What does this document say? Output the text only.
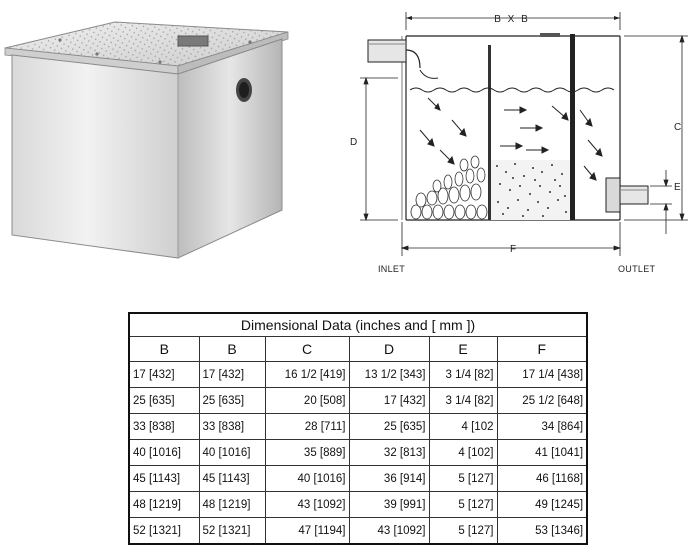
B X B
D
C
E
F
INLET	OUTLET
Dimensional Data (inches and [ mm ])					
B	B	C	D	E	F
17 [432]	17 [432]	16 1/2 [419]	13 1/2 [343]	3 1/4 [82]	17 1/4 [438]
25 [635]	25 [635]	20 [508]	17 [432]	3 1/4 [82]	25 1/2 [648]
33 [838]	33 [838]	28 [711]	25 [635]	4 [102	34 [864]
40 [1016]	40 [1016]	35 [889]	32 [813]	4 [102]	41 [1041]
45 [1143]	45 [1143]	40 [1016]	36 [914]	5 [127]	46 [1168]
48 [1219]	48 [1219]	43 [1092]	39 [991]	5 [127]	49 [1245]
52 [1321]	52 [1321]	47 [1194]	43 [1092]	5 [127]	53 [1346]
